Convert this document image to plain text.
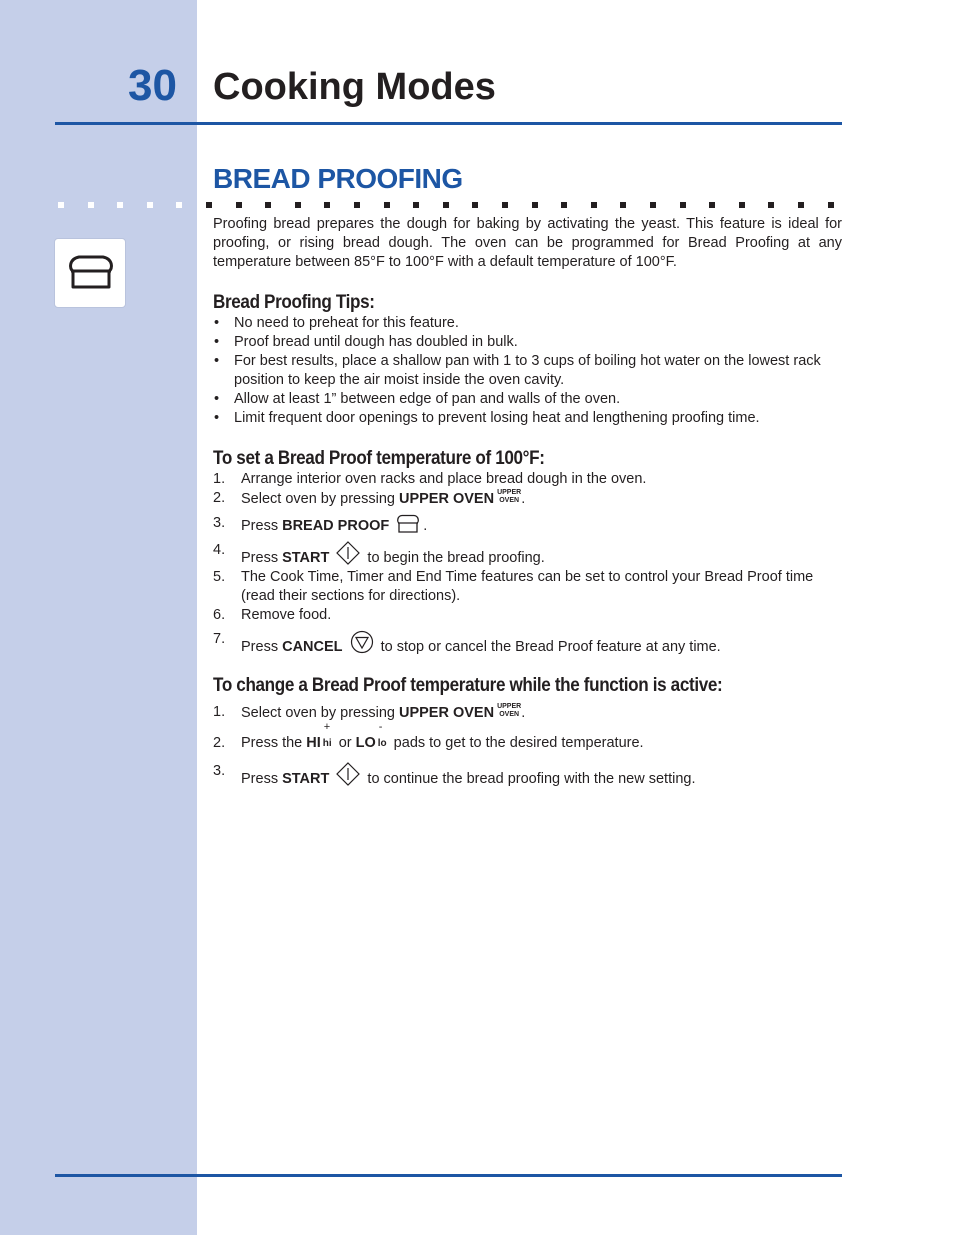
30 Cooking Modes
BREAD PROOFING

Proofing bread prepares the dough for baking by activating the yeast. This feature is ideal for proofing, or rising bread dough. The oven can be programmed for Bread Proofing at any temperature between 85°F to 100°F with a default temperature of 100°F.

Bread Proofing Tips:
• No need to preheat for this feature.
• Proof bread until dough has doubled in bulk.
• For best results, place a shallow pan with 1 to 3 cups of boiling hot water on the lowest rack position to keep the air moist inside the oven cavity.
• Allow at least 1” between edge of pan and walls of the oven.
• Limit frequent door openings to prevent losing heat and lengthening proofing time.
To set a Bread Proof temperature of 100°F:
1. Arrange interior oven racks and place bread dough in the oven.
2. Select oven by pressing UPPER OVEN UPPER
OVEN .
3. Press BREAD PROOF .
4. Press START  to begin the bread proofing.
5. The Cook Time, Timer and End Time features can be set to control your Bread Proof time (read their sections for directions).
6. Remove food.
7. Press CANCEL  to stop or cancel the Bread Proof feature at any time.
To change a Bread Proof temperature while the function is active:
1. Select oven by pressing UPPER OVEN UPPER
OVEN .
2. Press the HI
+
hi or LO
-
lo pads to get to the desired temperature.
3. Press START  to continue the bread proofing with the new setting.
